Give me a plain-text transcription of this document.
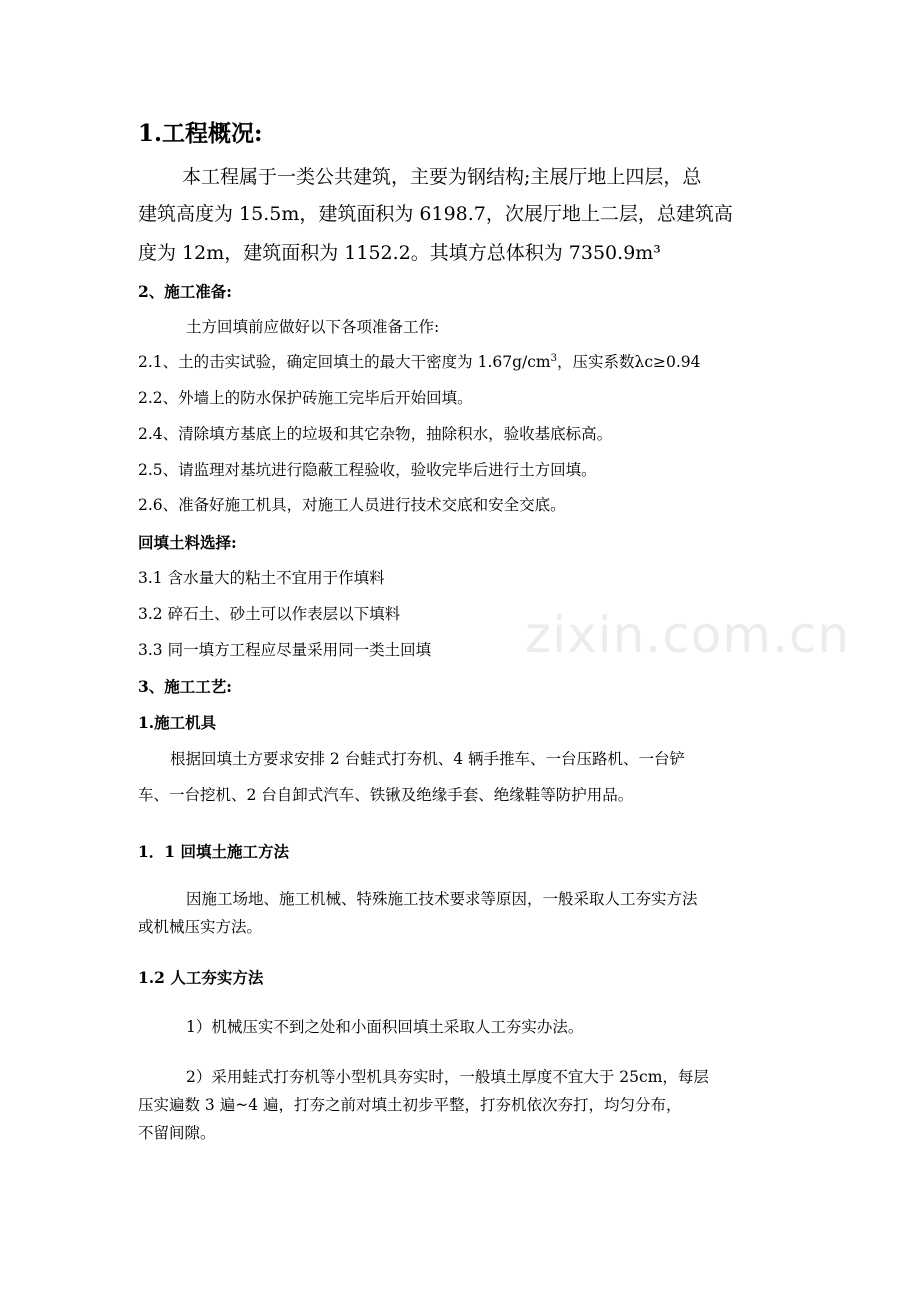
zixin.com.cn
1.工程概况:
本工程属于一类公共建筑，主要为钢结构;主展厅地上四层，总
建筑高度为 15.5m，建筑面积为 6198.7，次展厅地上二层，总建筑高
度为 12m，建筑面积为 1152.2。其填方总体积为 7350.9m³
2、施工准备:
土方回填前应做好以下各项准备工作:
2.1、土的击实试验，确定回填土的最大干密度为 $1.67g/cm^3$，压实系数λc≥0.94
2.2、外墙上的防水保护砖施工完毕后开始回填。
2.4、清除填方基底上的垃圾和其它杂物，抽除积水，验收基底标高。
2.5、请监理对基坑进行隐蔽工程验收，验收完毕后进行土方回填。
2.6、准备好施工机具，对施工人员进行技术交底和安全交底。
回填土料选择:
3.1 含水量大的粘土不宜用于作填料
3.2 碎石土、砂土可以作表层以下填料
3.3 同一填方工程应尽量采用同一类土回填
3、施工工艺:
1.施工机具
根据回填土方要求安排 2 台蛙式打夯机、4 辆手推车、一台压路机、一台铲
车、一台挖机、2 台自卸式汽车、铁锹及绝缘手套、绝缘鞋等防护用品。
1．1 回填土施工方法
因施工场地、施工机械、特殊施工技术要求等原因，一般采取人工夯实方法
或机械压实方法。
1.2 人工夯实方法
1）机械压实不到之处和小面积回填土采取人工夯实办法。
2）采用蛙式打夯机等小型机具夯实时，一般填土厚度不宜大于 25cm，每层
压实遍数 3 遍~4 遍，打夯之前对填土初步平整，打夯机依次夯打，均匀分布，
不留间隙。
